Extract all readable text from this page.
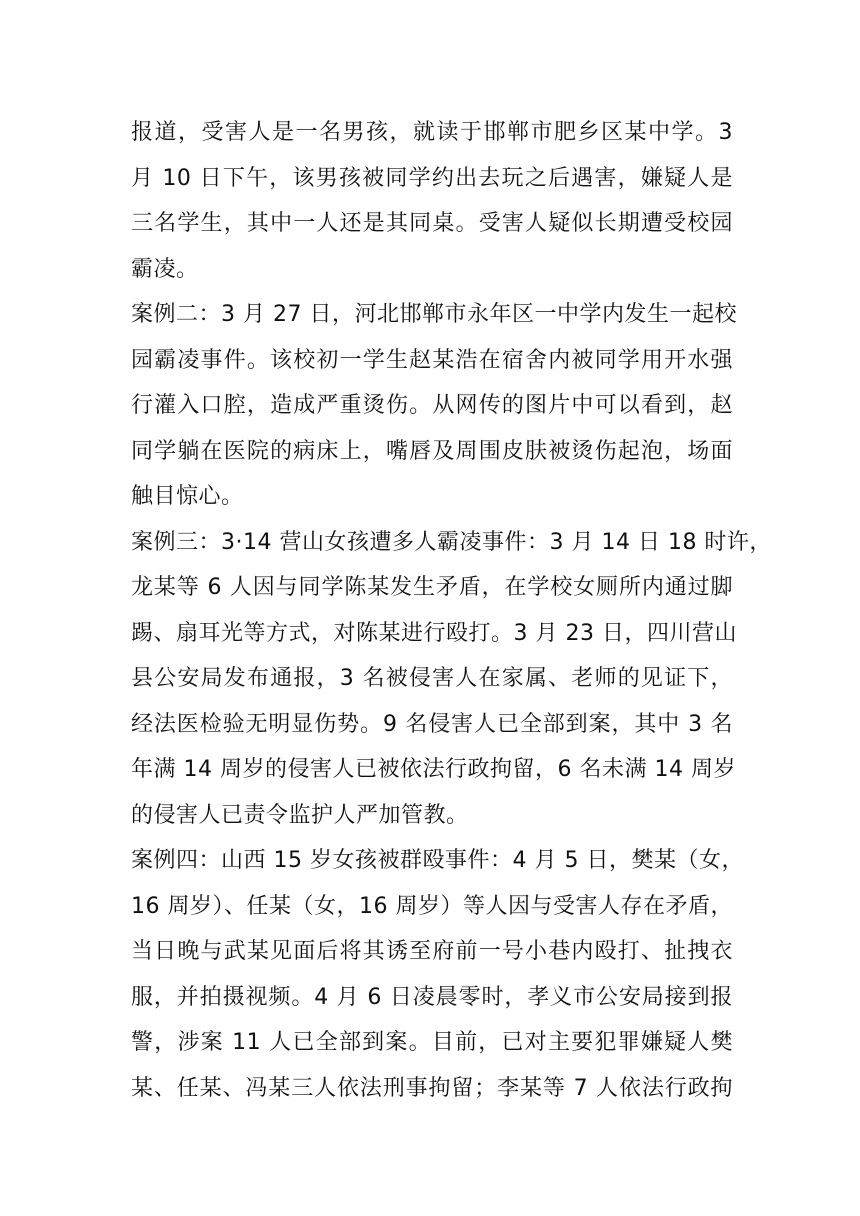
报道，受害人是一名男孩，就读于邯郸市肥乡区某中学。3
月 10 日下午，该男孩被同学约出去玩之后遇害，嫌疑人是
三名学生，其中一人还是其同桌。受害人疑似长期遭受校园
霸凌。
案例二：3 月 27 日，河北邯郸市永年区一中学内发生一起校
园霸凌事件。该校初一学生赵某浩在宿舍内被同学用开水强
行灌入口腔，造成严重烫伤。从网传的图片中可以看到，赵
同学躺在医院的病床上，嘴唇及周围皮肤被烫伤起泡，场面
触目惊心。
案例三：3·14 营山女孩遭多人霸凌事件：3 月 14 日 18 时许，
龙某等 6 人因与同学陈某发生矛盾，在学校女厕所内通过脚
踢、扇耳光等方式，对陈某进行殴打。3 月 23 日，四川营山
县公安局发布通报，3 名被侵害人在家属、老师的见证下，
经法医检验无明显伤势。9 名侵害人已全部到案，其中 3 名
年满 14 周岁的侵害人已被依法行政拘留，6 名未满 14 周岁
的侵害人已责令监护人严加管教。
案例四：山西 15 岁女孩被群殴事件：4 月 5 日，樊某（女，
16 周岁）、任某（女，16 周岁）等人因与受害人存在矛盾，
当日晚与武某见面后将其诱至府前一号小巷内殴打、扯拽衣
服，并拍摄视频。4 月 6 日凌晨零时，孝义市公安局接到报
警，涉案 11 人已全部到案。目前，已对主要犯罪嫌疑人樊
某、任某、冯某三人依法刑事拘留；李某等 7 人依法行政拘
